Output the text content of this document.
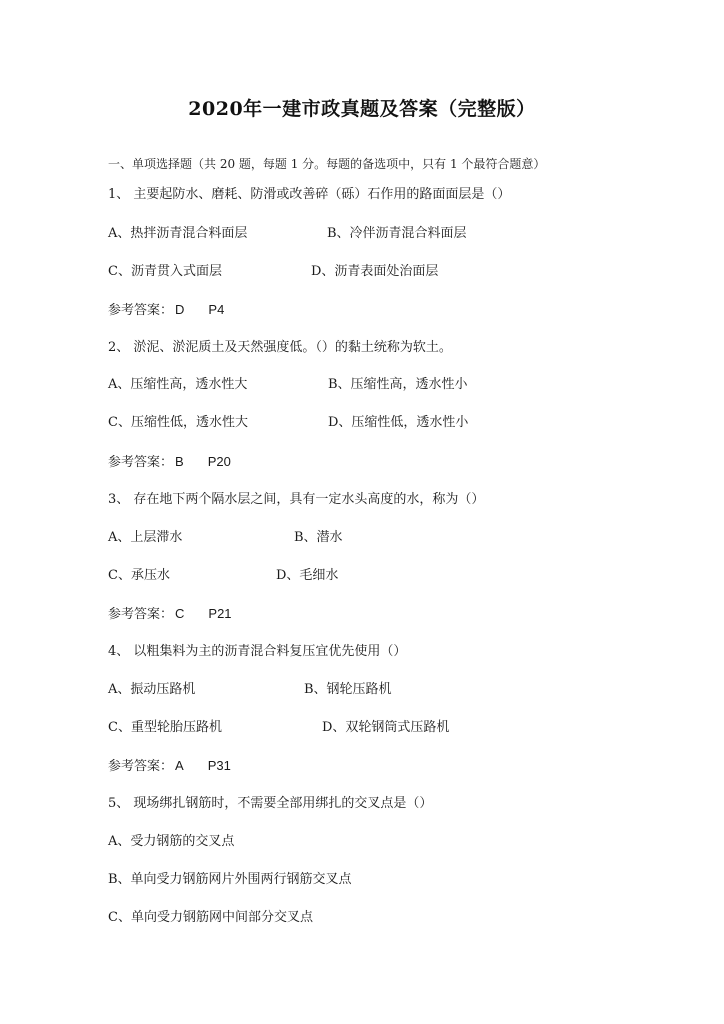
2020年一建市政真题及答案（完整版）
一、单项选择题（共 20 题，每题 1 分。每题的备选项中，只有 1 个最符合题意）
1、 主要起防水、磨耗、防滑或改善碎（砾）石作用的路面面层是（）
A、热拌沥青混合料面层	B、冷伴沥青混合料面层
C、沥青贯入式面层	D、沥青表面处治面层
参考答案： D P4
2、 淤泥、淤泥质土及天然强度低。（）的黏土统称为软土。
A、压缩性高，透水性大	B、压缩性高，透水性小
C、压缩性低，透水性大	D、压缩性低，透水性小
参考答案： B P20
3、 存在地下两个隔水层之间，具有一定水头高度的水，称为（）
A、上层滞水	B、潜水
C、承压水	D、毛细水
参考答案： C P21
4、 以粗集料为主的沥青混合料复压宜优先使用（）
A、振动压路机	B、钢轮压路机
C、重型轮胎压路机	D、双轮钢筒式压路机
参考答案： A P31
5、 现场绑扎钢筋时，不需要全部用绑扎的交叉点是（）
A、受力钢筋的交叉点
B、单向受力钢筋网片外围两行钢筋交叉点
C、单向受力钢筋网中间部分交叉点
